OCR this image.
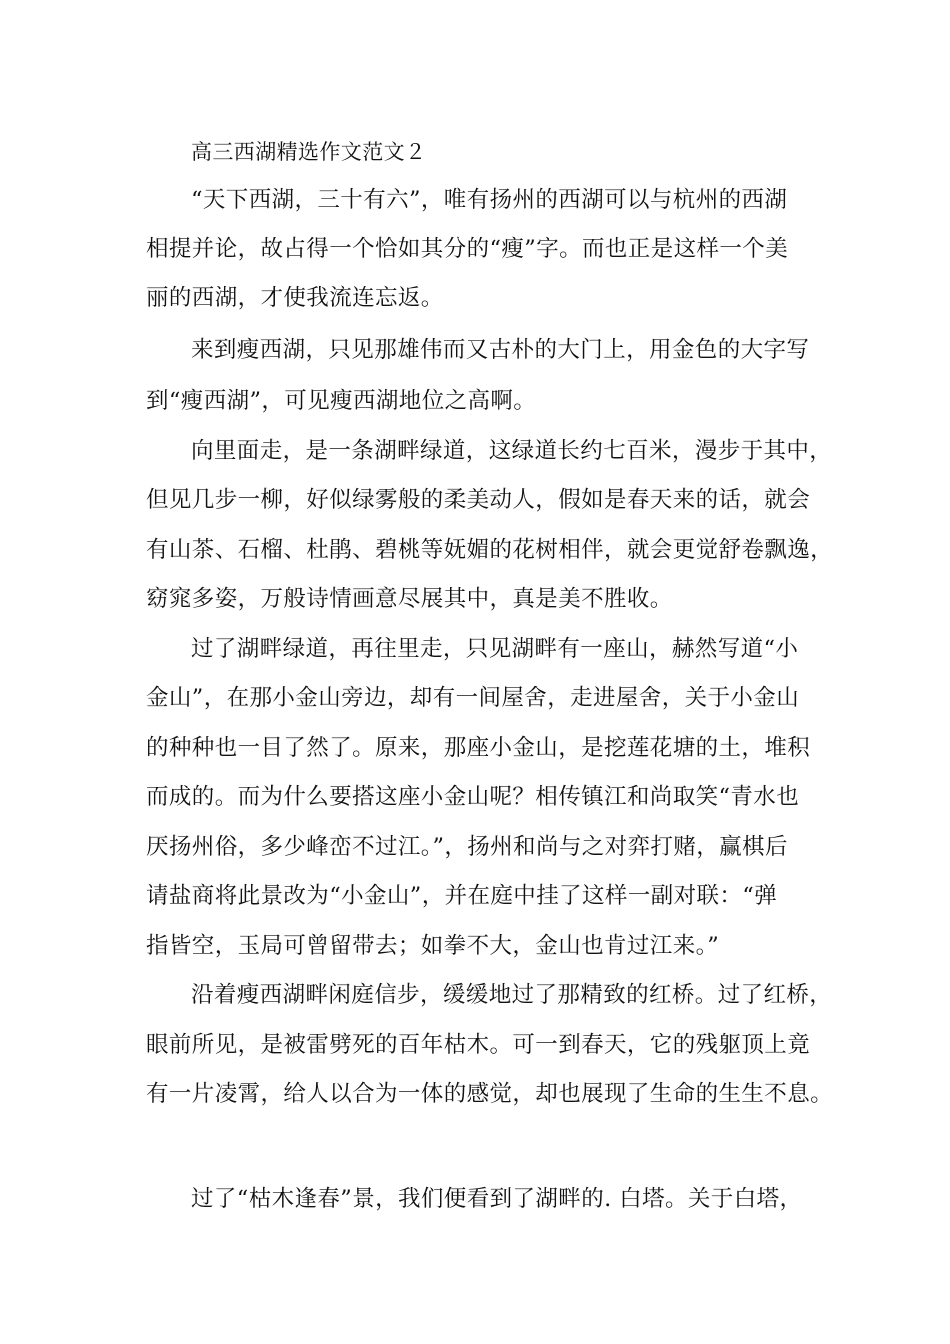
高三西湖精选作文范文２
“天下西湖，三十有六”，唯有扬州的西湖可以与杭州的西湖
相提并论，故占得一个恰如其分的“瘦”字。而也正是这样一个美
丽的西湖，才使我流连忘返。
来到瘦西湖，只见那雄伟而又古朴的大门上，用金色的大字写
到“瘦西湖”，可见瘦西湖地位之高啊。
向里面走，是一条湖畔绿道，这绿道长约七百米，漫步于其中，
但见几步一柳，好似绿雾般的柔美动人，假如是春天来的话，就会
有山茶、石榴、杜鹃、碧桃等妩媚的花树相伴，就会更觉舒卷飘逸，
窈窕多姿，万般诗情画意尽展其中，真是美不胜收。
过了湖畔绿道，再往里走，只见湖畔有一座山，赫然写道“小
金山”，在那小金山旁边，却有一间屋舍，走进屋舍，关于小金山
的种种也一目了然了。原来，那座小金山，是挖莲花塘的土，堆积
而成的。而为什么要搭这座小金山呢？相传镇江和尚取笑“青水也
厌扬州俗，多少峰峦不过江。”，扬州和尚与之对弈打赌，赢棋后
请盐商将此景改为“小金山”，并在庭中挂了这样一副对联：“弹
指皆空，玉局可曾留带去；如拳不大，金山也肯过江来。”
沿着瘦西湖畔闲庭信步，缓缓地过了那精致的红桥。过了红桥，
眼前所见，是被雷劈死的百年枯木。可一到春天，它的残躯顶上竟
有一片凌霄，给人以合为一体的感觉，却也展现了生命的生生不息。
过了“枯木逢春”景，我们便看到了湖畔的. 白塔。关于白塔，
